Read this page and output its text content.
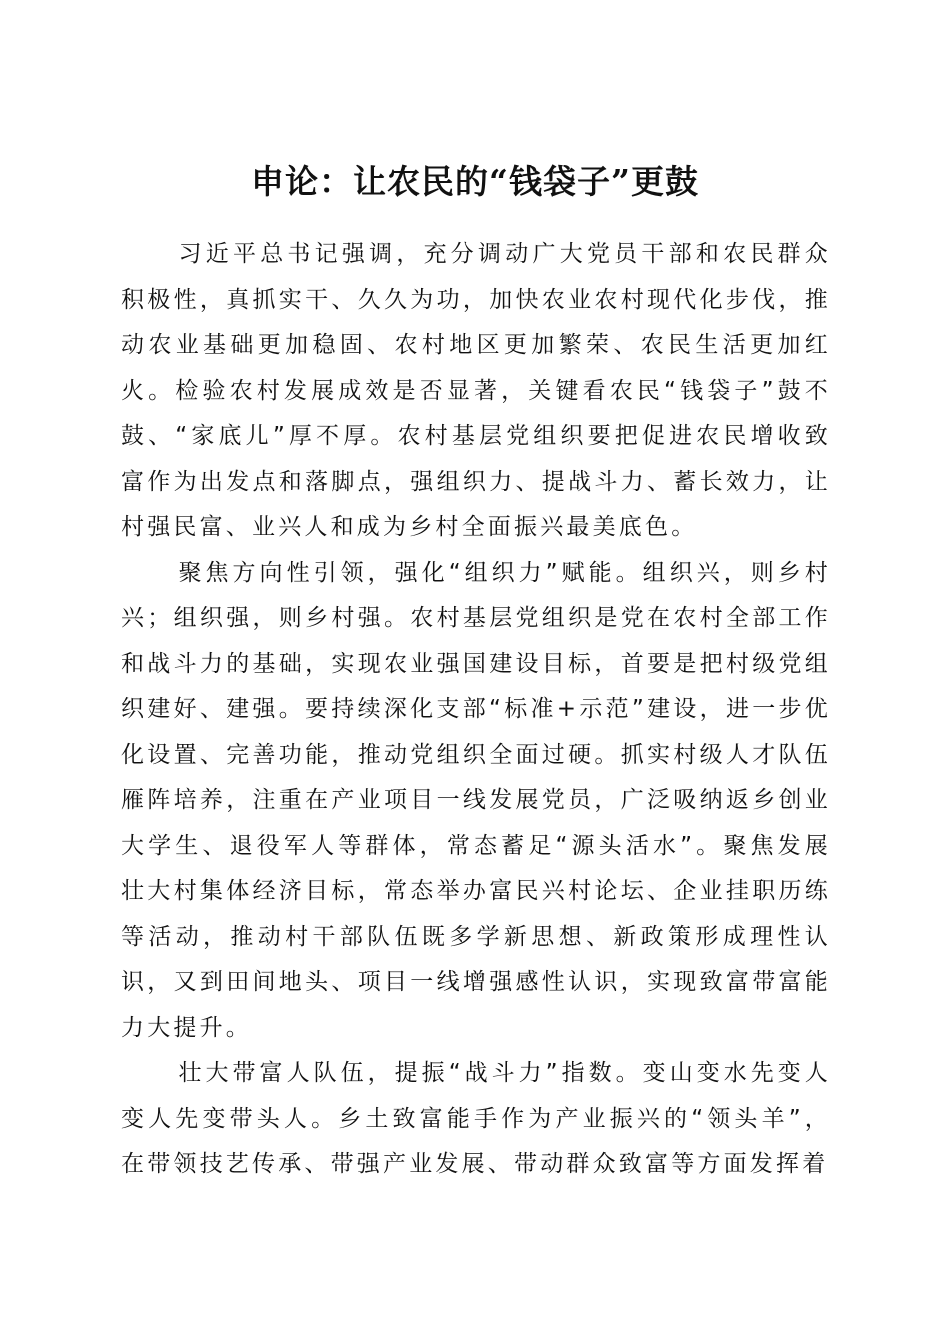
申论：让农民的“钱袋子”更鼓

习近平总书记强调，充分调动广大党员干部和农民群众积极性，真抓实干、久久为功，加快农业农村现代化步伐，推动农业基础更加稳固、农村地区更加繁荣、农民生活更加红火。检验农村发展成效是否显著，关键看农民“钱袋子”鼓不鼓、“家底儿”厚不厚。农村基层党组织要把促进农民增收致富作为出发点和落脚点，强组织力、提战斗力、蓄长效力，让村强民富、业兴人和成为乡村全面振兴最美底色。

聚焦方向性引领，强化“组织力”赋能。组织兴，则乡村兴；组织强，则乡村强。农村基层党组织是党在农村全部工作和战斗力的基础，实现农业强国建设目标，首要是把村级党组织建好、建强。要持续深化支部“标准+示范”建设，进一步优化设置、完善功能，推动党组织全面过硬。抓实村级人才队伍雁阵培养，注重在产业项目一线发展党员，广泛吸纳返乡创业大学生、退役军人等群体，常态蓄足“源头活水”。聚焦发展壮大村集体经济目标，常态举办富民兴村论坛、企业挂职历练等活动，推动村干部队伍既多学新思想、新政策形成理性认识，又到田间地头、项目一线增强感性认识，实现致富带富能力大提升。

壮大带富人队伍，提振“战斗力”指数。变山变水先变人变人先变带头人。乡土致富能手作为产业振兴的“领头羊”，在带领技艺传承、带强产业发展、带动群众致富等方面发挥着
